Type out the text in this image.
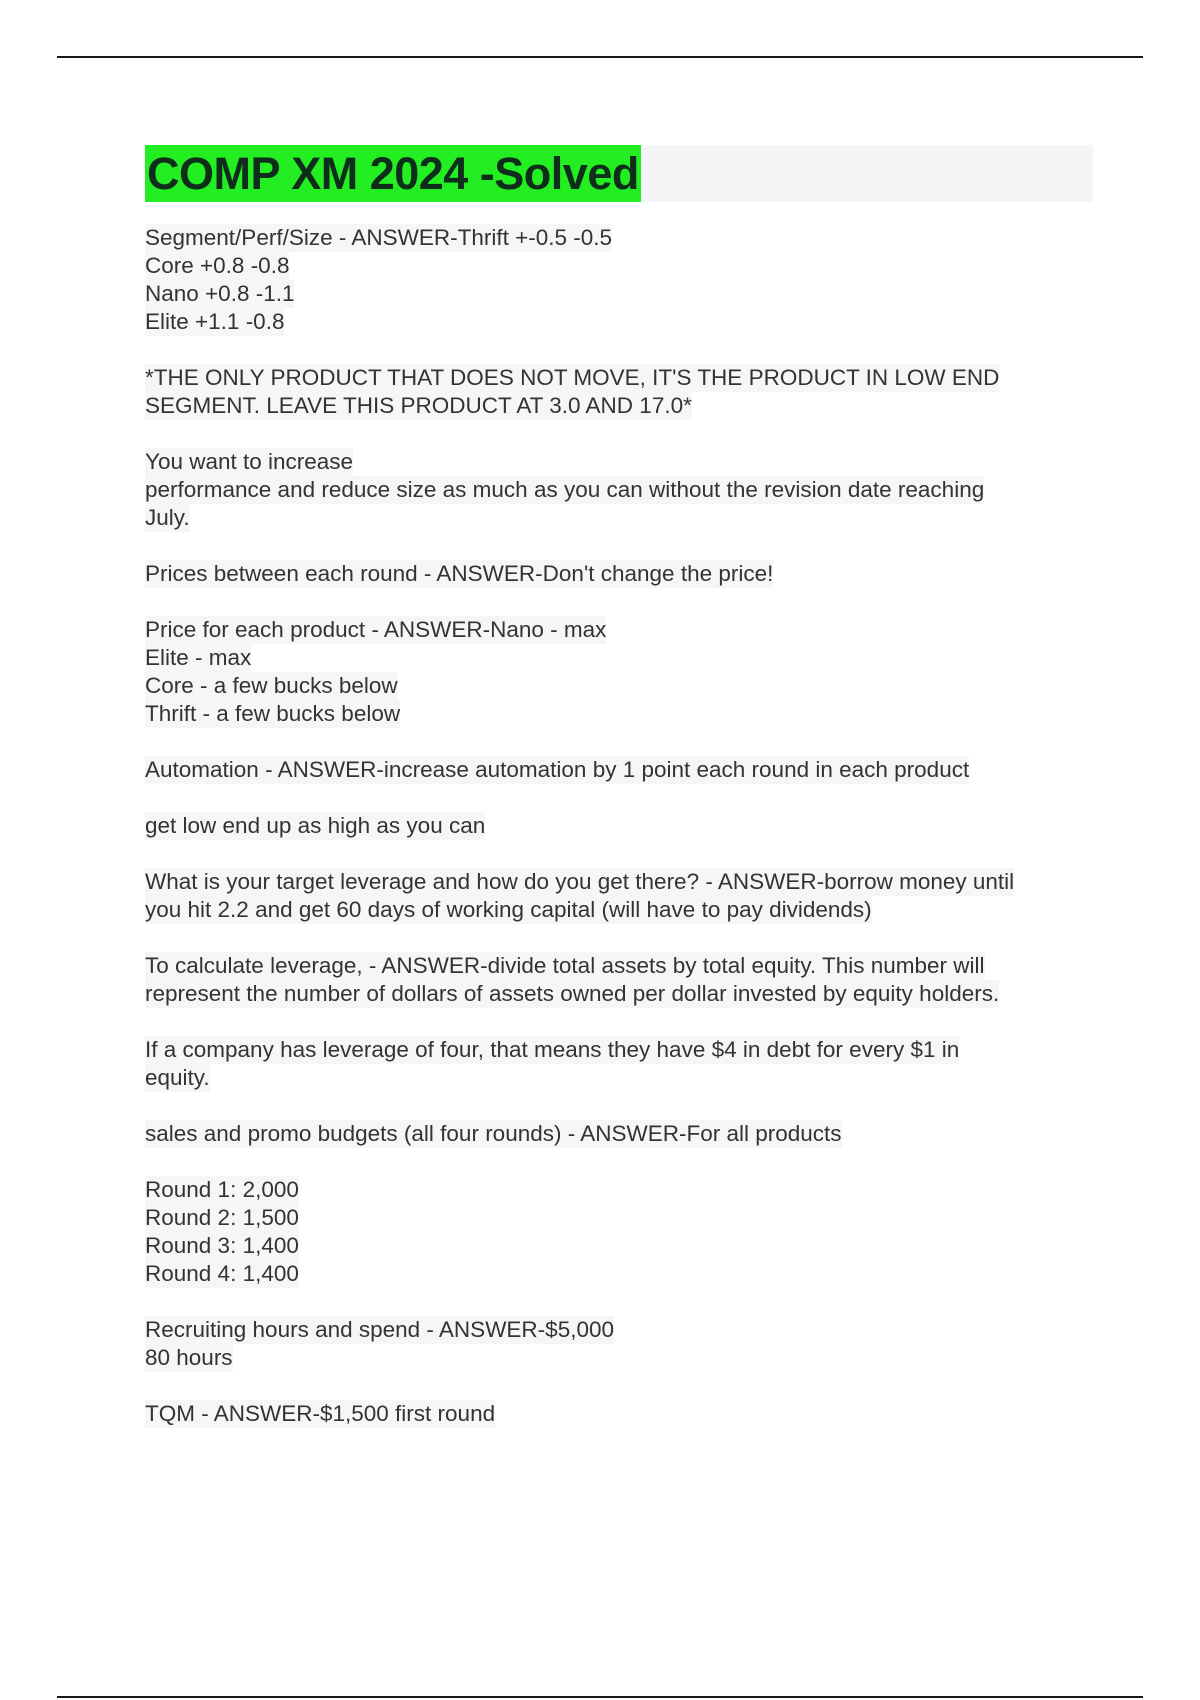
COMP XM 2024 -Solved
Segment/Perf/Size - ANSWER-Thrift +-0.5 -0.5
Core +0.8 -0.8
Nano +0.8 -1.1
Elite +1.1 -0.8
*THE ONLY PRODUCT THAT DOES NOT MOVE, IT'S THE PRODUCT IN LOW END
SEGMENT. LEAVE THIS PRODUCT AT 3.0 AND 17.0*
You want to increase
performance and reduce size as much as you can without the revision date reaching
July.
Prices between each round - ANSWER-Don't change the price!
Price for each product - ANSWER-Nano - max
Elite - max
Core - a few bucks below
Thrift - a few bucks below
Automation - ANSWER-increase automation by 1 point each round in each product
get low end up as high as you can
What is your target leverage and how do you get there? - ANSWER-borrow money until
you hit 2.2 and get 60 days of working capital (will have to pay dividends)
To calculate leverage, - ANSWER-divide total assets by total equity. This number will
represent the number of dollars of assets owned per dollar invested by equity holders.
If a company has leverage of four, that means they have $4 in debt for every $1 in
equity.
sales and promo budgets (all four rounds) - ANSWER-For all products
Round 1: 2,000
Round 2: 1,500
Round 3: 1,400
Round 4: 1,400
Recruiting hours and spend - ANSWER-$5,000
80 hours
TQM - ANSWER-$1,500 first round
